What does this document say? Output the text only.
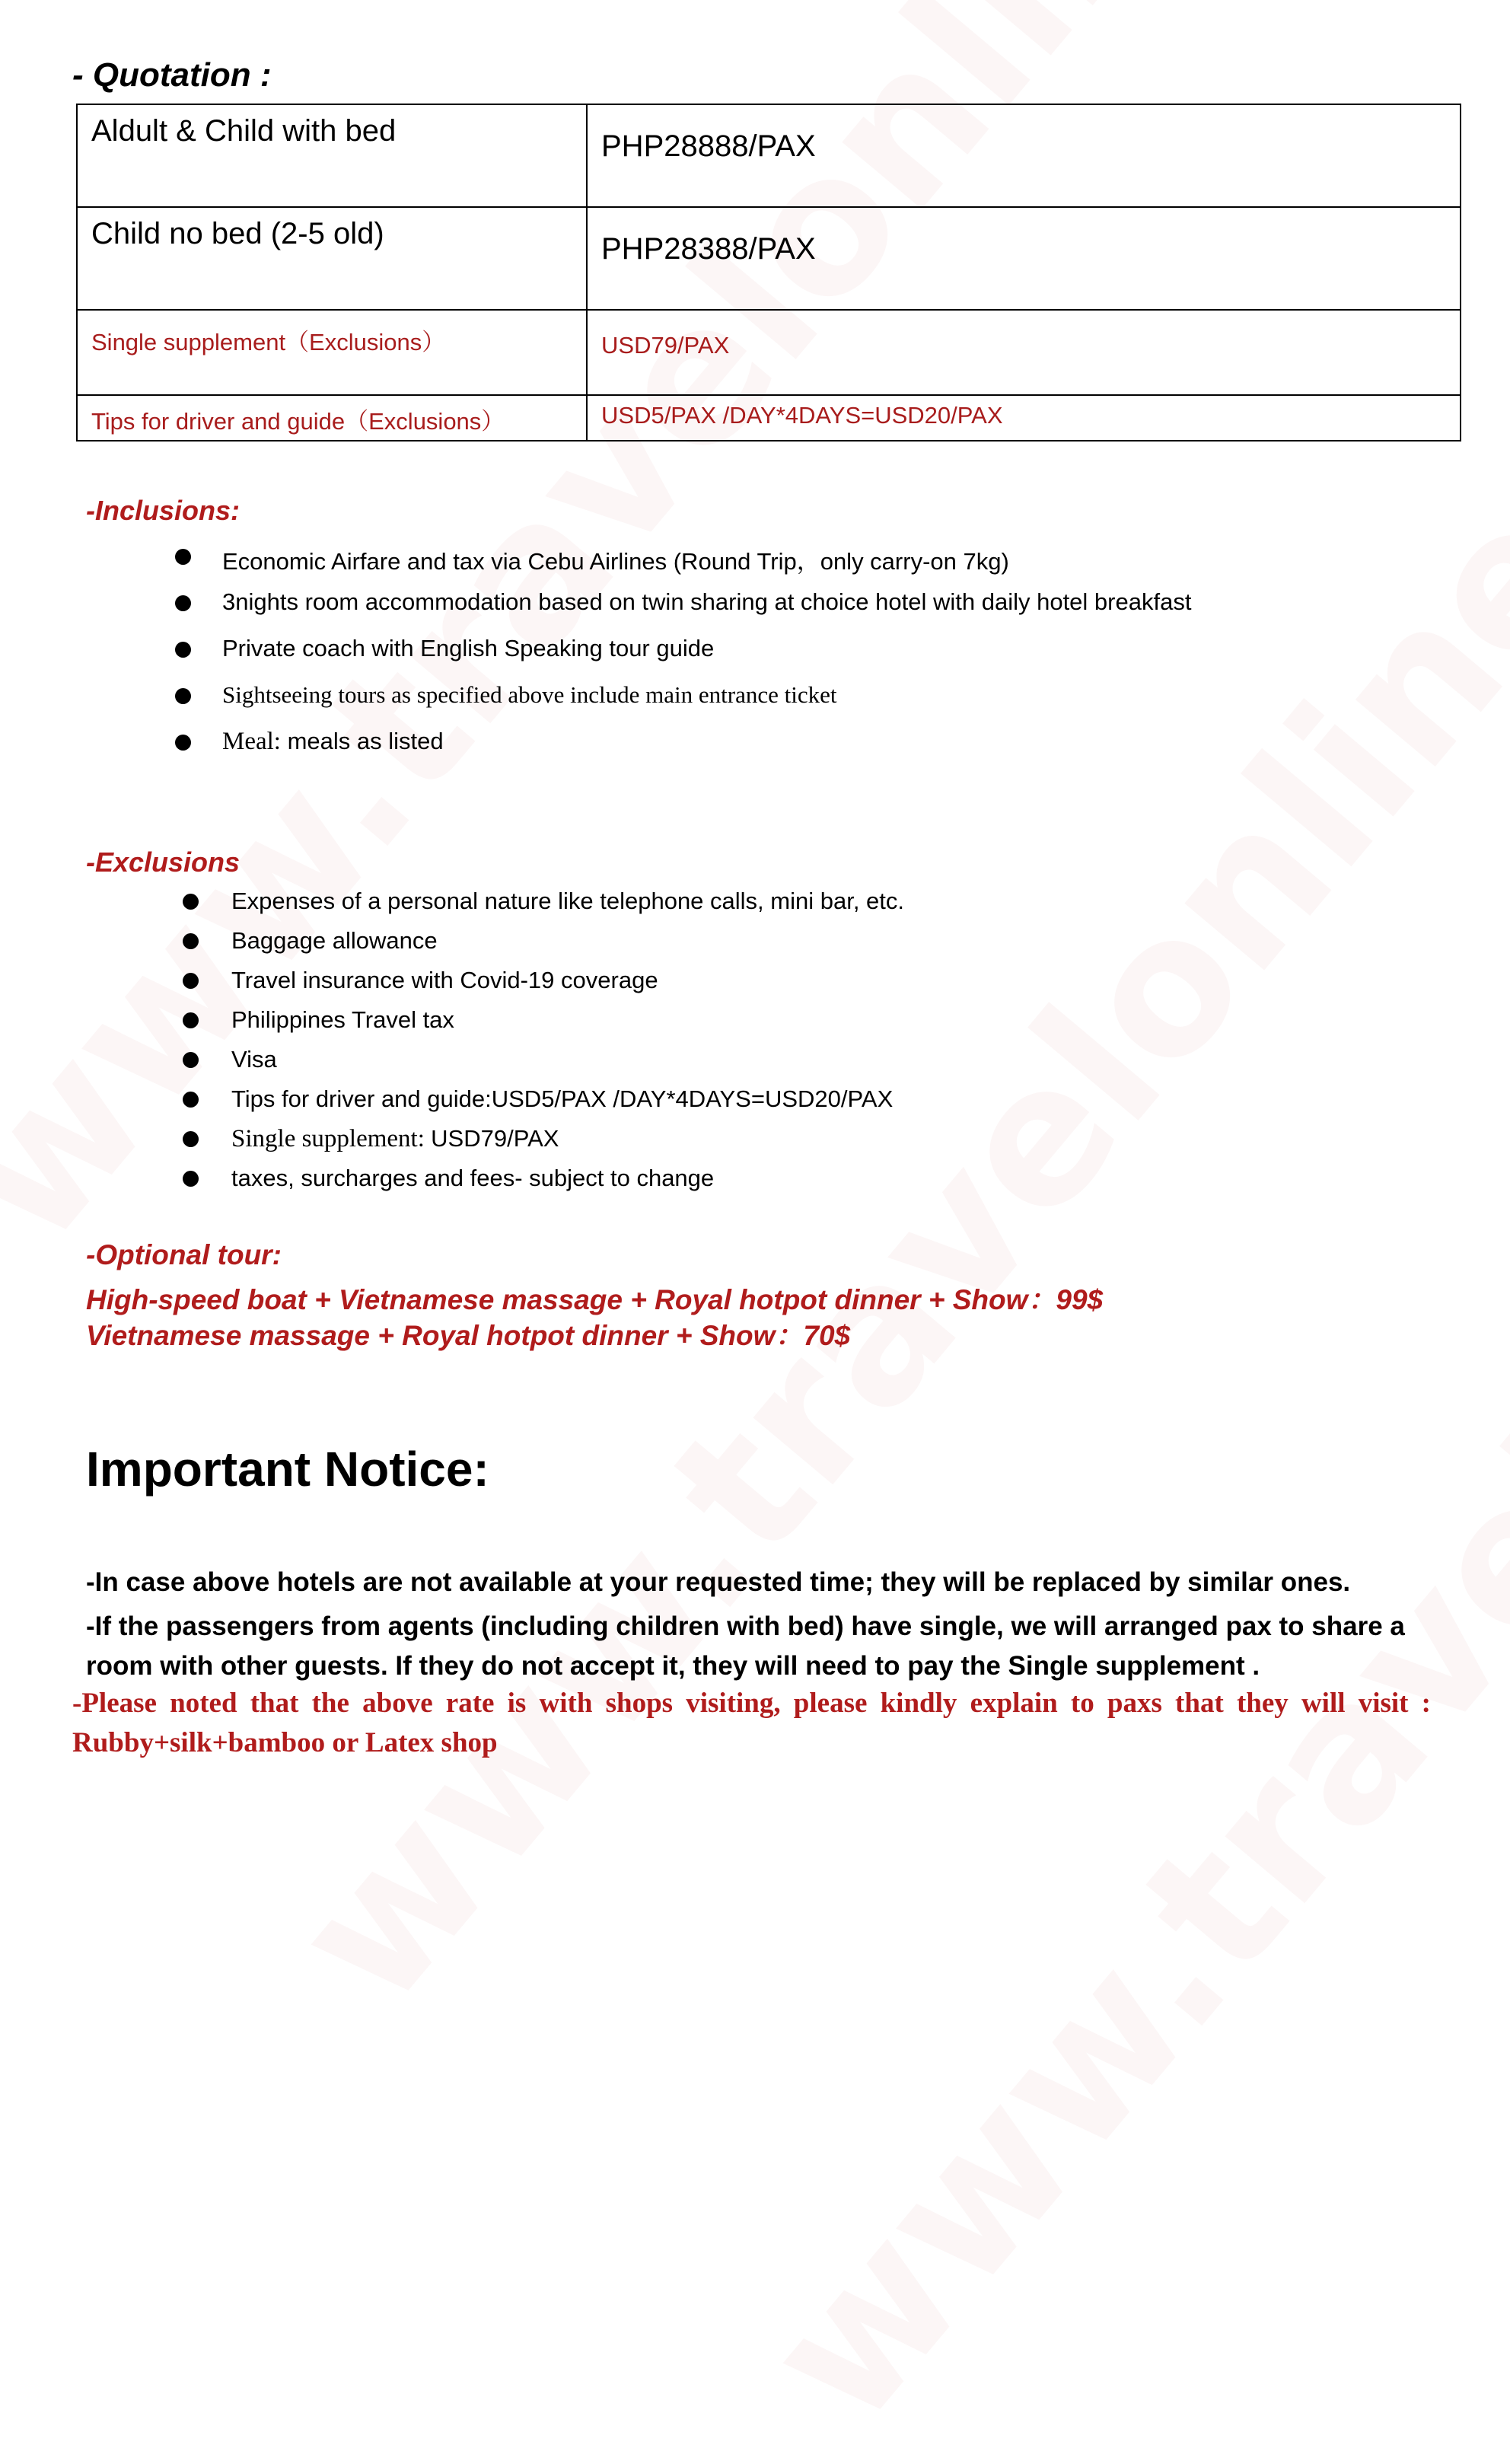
- Quotation :
Aldult & Child with bed	PHP28888/PAX
Child no bed (2-5 old)	PHP28388/PAX
Single supplement（Exclusions）	USD79/PAX
Tips for driver and guide（Exclusions）	USD5/PAX /DAY*4DAYS=USD20/PAX
-Inclusions:
Economic Airfare and tax via Cebu Airlines (Round Trip，only carry-on 7kg)
3nights room accommodation based on twin sharing at choice hotel with daily hotel breakfast
Private coach with English Speaking tour guide
Sightseeing tours as specified above include main entrance ticket
Meal: meals as listed
-Exclusions
Expenses of a personal nature like telephone calls, mini bar, etc.
Baggage allowance
Travel insurance with Covid-19 coverage
Philippines Travel tax
Visa
Tips for driver and guide:USD5/PAX /DAY*4DAYS=USD20/PAX
Single supplement: USD79/PAX
taxes, surcharges and fees- subject to change
-Optional tour:
High-speed boat + Vietnamese massage + Royal hotpot dinner + Show：99$
Vietnamese massage + Royal hotpot dinner + Show：70$
Important Notice:
-In case above hotels are not available at your requested time; they will be replaced by similar ones.
-If the passengers from agents (including children with bed) have single, we will arranged pax to share a room with other guests. If they do not accept it, they will need to pay the Single supplement .
-Please noted that the above rate is with shops visiting, please kindly explain to paxs that they will visit : Rubby+silk+bamboo or Latex shop
